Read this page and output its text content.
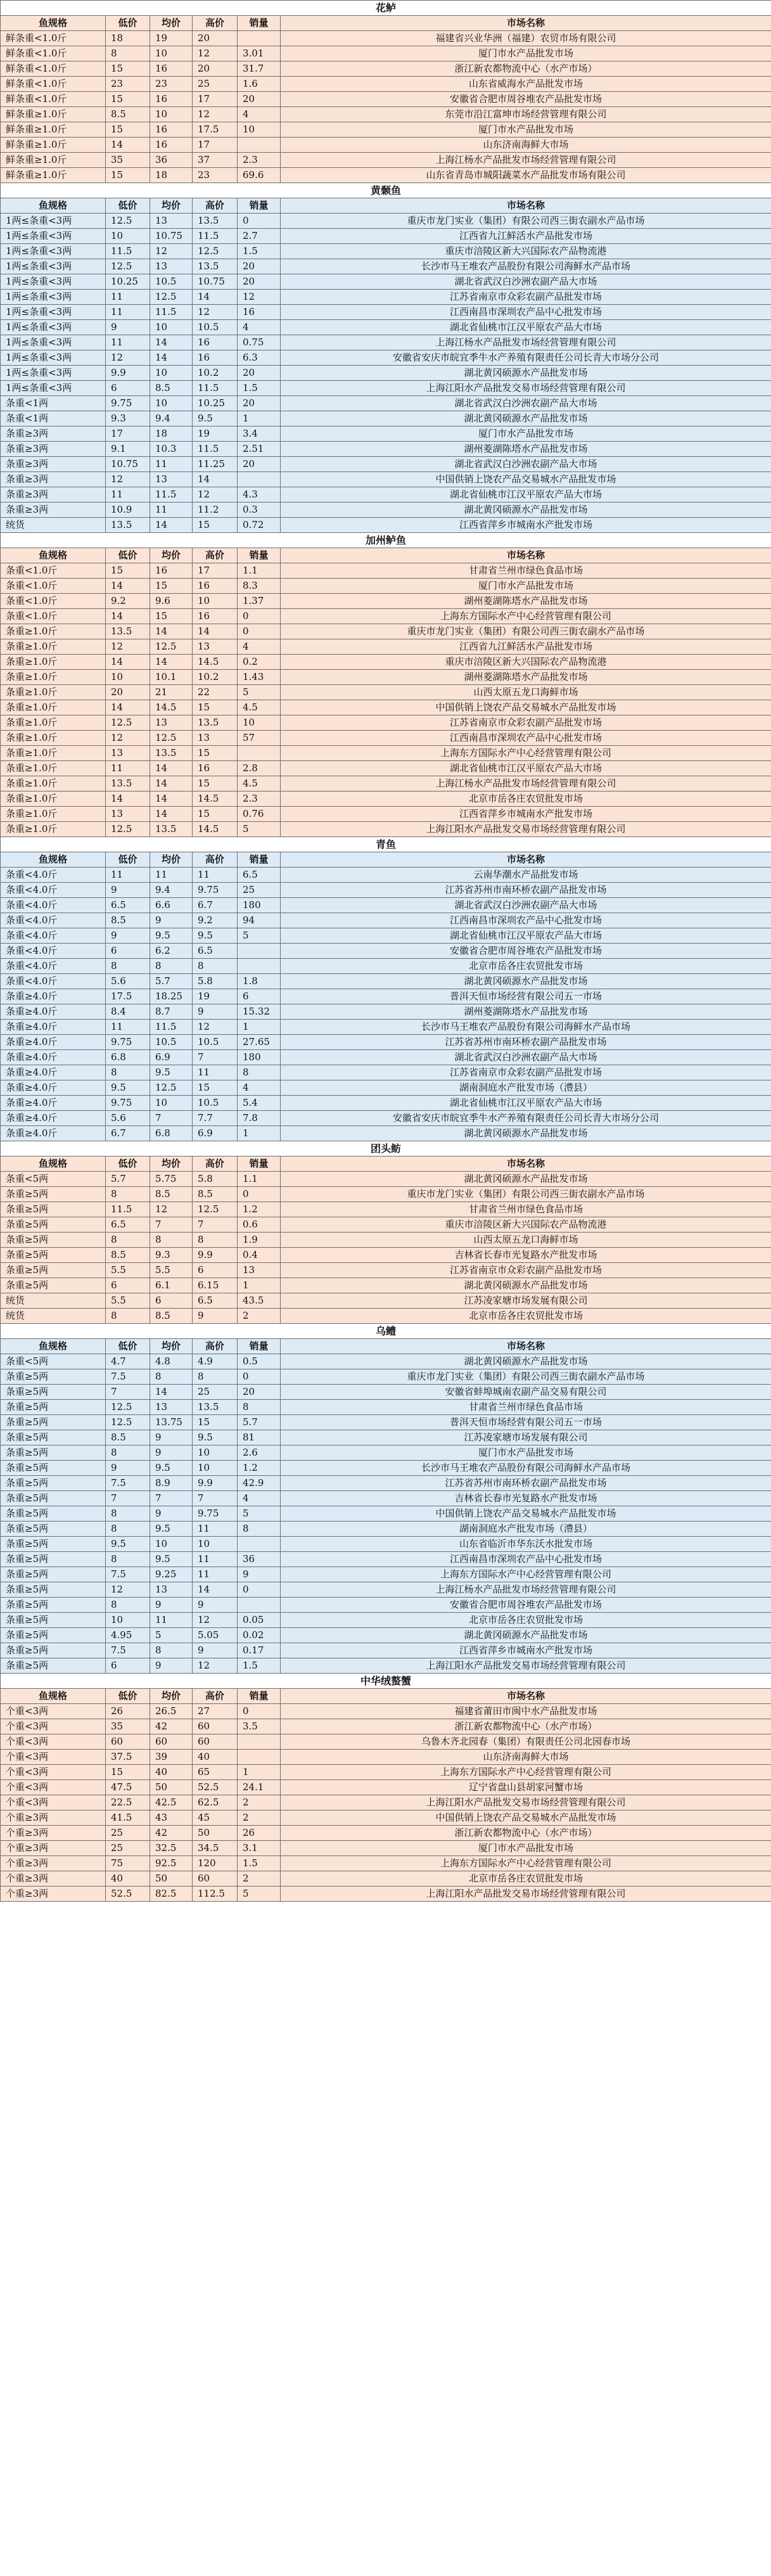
花鲈					
鱼规格	低价	均价	高价	销量	市场名称
鲜条重<1.0斤	18	19	20		福建省兴业华洲（福建）农贸市场有限公司
鲜条重<1.0斤	8	10	12	3.01	厦门市水产品批发市场
鲜条重<1.0斤	15	16	20	31.7	浙江新农都物流中心（水产市场）
鲜条重<1.0斤	23	23	25	1.6	山东省威海水产品批发市场
鲜条重<1.0斤	15	16	17	20	安徽省合肥市周谷堆农产品批发市场
鲜条重≥1.0斤	8.5	10	12	4	东莞市沿江富坤市场经营管理有限公司
鲜条重≥1.0斤	15	16	17.5	10	厦门市水产品批发市场
鲜条重≥1.0斤	14	16	17		山东济南海鲜大市场
鲜条重≥1.0斤	35	36	37	2.3	上海江杨水产品批发市场经营管理有限公司
鲜条重≥1.0斤	15	18	23	69.6	山东省青岛市城阳蔬菜水产品批发市场有限公司
黄颡鱼					
鱼规格	低价	均价	高价	销量	市场名称
1两≤条重<3两	12.5	13	13.5	0	重庆市龙门实业（集团）有限公司西三街农副水产品市场
1两≤条重<3两	10	10.75	11.5	2.7	江西省九江鲜活水产品批发市场
1两≤条重<3两	11.5	12	12.5	1.5	重庆市涪陵区新大兴国际农产品物流港
1两≤条重<3两	12.5	13	13.5	20	长沙市马王堆农产品股份有限公司海鲜水产品市场
1两≤条重<3两	10.25	10.5	10.75	20	湖北省武汉白沙洲农副产品大市场
1两≤条重<3两	11	12.5	14	12	江苏省南京市众彩农副产品批发市场
1两≤条重<3两	11	11.5	12	16	江西南昌市深圳农产品中心批发市场
1两≤条重<3两	9	10	10.5	4	湖北省仙桃市江汉平原农产品大市场
1两≤条重<3两	11	14	16	0.75	上海江杨水产品批发市场经营管理有限公司
1两≤条重<3两	12	14	16	6.3	安徽省安庆市皖宜季牛水产养殖有限责任公司长青大市场分公司
1两≤条重<3两	9.9	10	10.2	20	湖北黄冈硕源水产品批发市场
1两≤条重<3两	6	8.5	11.5	1.5	上海江阳水产品批发交易市场经营管理有限公司
条重<1两	9.75	10	10.25	20	湖北省武汉白沙洲农副产品大市场
条重<1两	9.3	9.4	9.5	1	湖北黄冈硕源水产品批发市场
条重≥3两	17	18	19	3.4	厦门市水产品批发市场
条重≥3两	9.1	10.3	11.5	2.51	湖州菱湖陈塔水产品批发市场
条重≥3两	10.75	11	11.25	20	湖北省武汉白沙洲农副产品大市场
条重≥3两	12	13	14		中国供销上饶农产品交易城水产品批发市场
条重≥3两	11	11.5	12	4.3	湖北省仙桃市江汉平原农产品大市场
条重≥3两	10.9	11	11.2	0.3	湖北黄冈硕源水产品批发市场
统货	13.5	14	15	0.72	江西省萍乡市城南水产批发市场
加州鲈鱼					
鱼规格	低价	均价	高价	销量	市场名称
条重<1.0斤	15	16	17	1.1	甘肃省兰州市绿色食品市场
条重<1.0斤	14	15	16	8.3	厦门市水产品批发市场
条重<1.0斤	9.2	9.6	10	1.37	湖州菱湖陈塔水产品批发市场
条重<1.0斤	14	15	16	0	上海东方国际水产中心经营管理有限公司
条重≥1.0斤	13.5	14	14	0	重庆市龙门实业（集团）有限公司西三街农副水产品市场
条重≥1.0斤	12	12.5	13	4	江西省九江鲜活水产品批发市场
条重≥1.0斤	14	14	14.5	0.2	重庆市涪陵区新大兴国际农产品物流港
条重≥1.0斤	10	10.1	10.2	1.43	湖州菱湖陈塔水产品批发市场
条重≥1.0斤	20	21	22	5	山西太原五龙口海鲜市场
条重≥1.0斤	14	14.5	15	4.5	中国供销上饶农产品交易城水产品批发市场
条重≥1.0斤	12.5	13	13.5	10	江苏省南京市众彩农副产品批发市场
条重≥1.0斤	12	12.5	13	57	江西南昌市深圳农产品中心批发市场
条重≥1.0斤	13	13.5	15		上海东方国际水产中心经营管理有限公司
条重≥1.0斤	11	14	16	2.8	湖北省仙桃市江汉平原农产品大市场
条重≥1.0斤	13.5	14	15	4.5	上海江杨水产品批发市场经营管理有限公司
条重≥1.0斤	14	14	14.5	2.3	北京市岳各庄农贸批发市场
条重≥1.0斤	13	14	15	0.76	江西省萍乡市城南水产批发市场
条重≥1.0斤	12.5	13.5	14.5	5	上海江阳水产品批发交易市场经营管理有限公司
青鱼					
鱼规格	低价	均价	高价	销量	市场名称
条重<4.0斤	11	11	11	6.5	云南华潮水产品批发市场
条重<4.0斤	9	9.4	9.75	25	江苏省苏州市南环桥农副产品批发市场
条重<4.0斤	6.5	6.6	6.7	180	湖北省武汉白沙洲农副产品大市场
条重<4.0斤	8.5	9	9.2	94	江西南昌市深圳农产品中心批发市场
条重<4.0斤	9	9.5	9.5	5	湖北省仙桃市江汉平原农产品大市场
条重<4.0斤	6	6.2	6.5		安徽省合肥市周谷堆农产品批发市场
条重<4.0斤	8	8	8		北京市岳各庄农贸批发市场
条重<4.0斤	5.6	5.7	5.8	1.8	湖北黄冈硕源水产品批发市场
条重≥4.0斤	17.5	18.25	19	6	普洱天恒市场经营有限公司五一市场
条重≥4.0斤	8.4	8.7	9	15.32	湖州菱湖陈塔水产品批发市场
条重≥4.0斤	11	11.5	12	1	长沙市马王堆农产品股份有限公司海鲜水产品市场
条重≥4.0斤	9.75	10.5	10.5	27.65	江苏省苏州市南环桥农副产品批发市场
条重≥4.0斤	6.8	6.9	7	180	湖北省武汉白沙洲农副产品大市场
条重≥4.0斤	8	9.5	11	8	江苏省南京市众彩农副产品批发市场
条重≥4.0斤	9.5	12.5	15	4	湖南洞庭水产批发市场（澧县）
条重≥4.0斤	9.75	10	10.5	5.4	湖北省仙桃市江汉平原农产品大市场
条重≥4.0斤	5.6	7	7.7	7.8	安徽省安庆市皖宜季牛水产养殖有限责任公司长青大市场分公司
条重≥4.0斤	6.7	6.8	6.9	1	湖北黄冈硕源水产品批发市场
团头鲂					
鱼规格	低价	均价	高价	销量	市场名称
条重<5两	5.7	5.75	5.8	1.1	湖北黄冈硕源水产品批发市场
条重≥5两	8	8.5	8.5	0	重庆市龙门实业（集团）有限公司西三街农副水产品市场
条重≥5两	11.5	12	12.5	1.2	甘肃省兰州市绿色食品市场
条重≥5两	6.5	7	7	0.6	重庆市涪陵区新大兴国际农产品物流港
条重≥5两	8	8	8	1.9	山西太原五龙口海鲜市场
条重≥5两	8.5	9.3	9.9	0.4	吉林省长春市光复路水产批发市场
条重≥5两	5.5	5.5	6	13	江苏省南京市众彩农副产品批发市场
条重≥5两	6	6.1	6.15	1	湖北黄冈硕源水产品批发市场
统货	5.5	6	6.5	43.5	江苏凌家塘市场发展有限公司
统货	8	8.5	9	2	北京市岳各庄农贸批发市场
乌鳢					
鱼规格	低价	均价	高价	销量	市场名称
条重<5两	4.7	4.8	4.9	0.5	湖北黄冈硕源水产品批发市场
条重≥5两	7.5	8	8	0	重庆市龙门实业（集团）有限公司西三街农副水产品市场
条重≥5两	7	14	25	20	安徽省蚌埠城南农副产品交易有限公司
条重≥5两	12.5	13	13.5	8	甘肃省兰州市绿色食品市场
条重≥5两	12.5	13.75	15	5.7	普洱天恒市场经营有限公司五一市场
条重≥5两	8.5	9	9.5	81	江苏凌家塘市场发展有限公司
条重≥5两	8	9	10	2.6	厦门市水产品批发市场
条重≥5两	9	9.5	10	1.2	长沙市马王堆农产品股份有限公司海鲜水产品市场
条重≥5两	7.5	8.9	9.9	42.9	江苏省苏州市南环桥农副产品批发市场
条重≥5两	7	7	7	4	吉林省长春市光复路水产批发市场
条重≥5两	8	9	9.75	5	中国供销上饶农产品交易城水产品批发市场
条重≥5两	8	9.5	11	8	湖南洞庭水产批发市场（澧县）
条重≥5两	9.5	10	10		山东省临沂市华东沃水批发市场
条重≥5两	8	9.5	11	36	江西南昌市深圳农产品中心批发市场
条重≥5两	7.5	9.25	11	9	上海东方国际水产中心经营管理有限公司
条重≥5两	12	13	14	0	上海江杨水产品批发市场经营管理有限公司
条重≥5两	8	9	9		安徽省合肥市周谷堆农产品批发市场
条重≥5两	10	11	12	0.05	北京市岳各庄农贸批发市场
条重≥5两	4.95	5	5.05	0.02	湖北黄冈硕源水产品批发市场
条重≥5两	7.5	8	9	0.17	江西省萍乡市城南水产批发市场
条重≥5两	6	9	12	1.5	上海江阳水产品批发交易市场经营管理有限公司
中华绒螯蟹					
鱼规格	低价	均价	高价	销量	市场名称
个重<3两	26	26.5	27	0	福建省莆田市闽中水产品批发市场
个重<3两	35	42	60	3.5	浙江新农都物流中心（水产市场）
个重<3两	60	60	60		乌鲁木齐北园春（集团）有限责任公司北园春市场
个重<3两	37.5	39	40		山东济南海鲜大市场
个重<3两	15	40	65	1	上海东方国际水产中心经营管理有限公司
个重<3两	47.5	50	52.5	24.1	辽宁省盘山县胡家河蟹市场
个重<3两	22.5	42.5	62.5	2	上海江阳水产品批发交易市场经营管理有限公司
个重≥3两	41.5	43	45	2	中国供销上饶农产品交易城水产品批发市场
个重≥3两	25	42	50	26	浙江新农都物流中心（水产市场）
个重≥3两	25	32.5	34.5	3.1	厦门市水产品批发市场
个重≥3两	75	92.5	120	1.5	上海东方国际水产中心经营管理有限公司
个重≥3两	40	50	60	2	北京市岳各庄农贸批发市场
个重≥3两	52.5	82.5	112.5	5	上海江阳水产品批发交易市场经营管理有限公司
